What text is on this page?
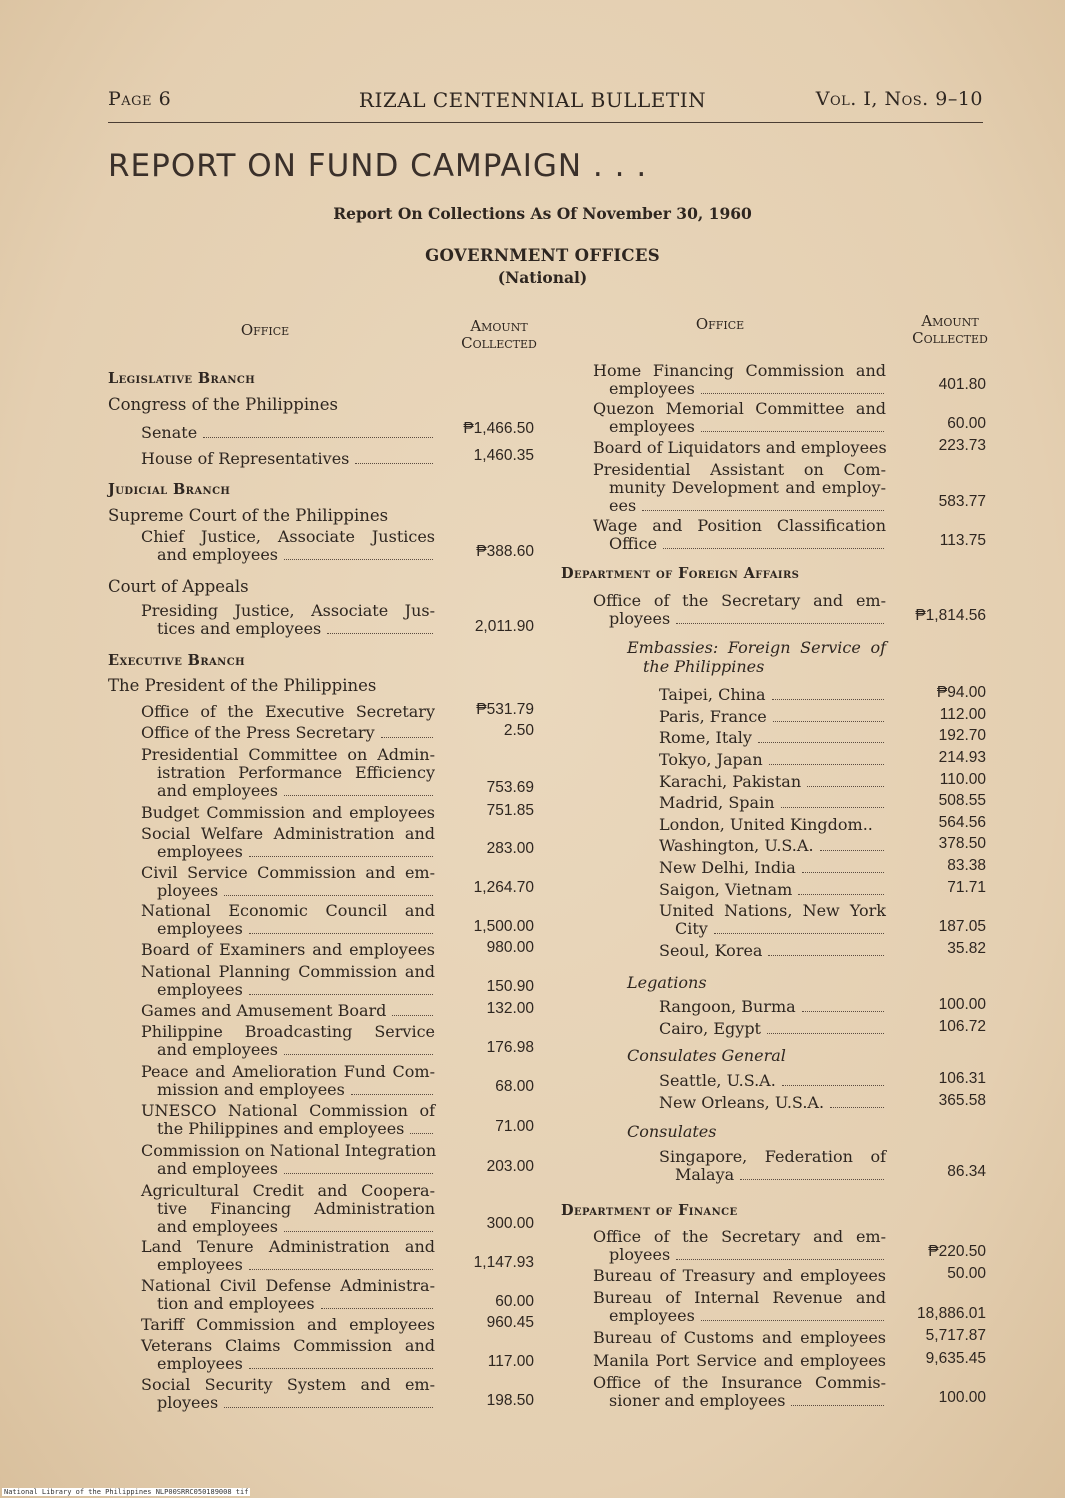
Page 6	RIZAL CENTENNIAL BULLETIN	Vol. I, Nos. 9–10
REPORT ON FUND CAMPAIGN . . .
Report On Collections As Of November 30, 1960
GOVERNMENT OFFICES
(National)
Office	Amount
Collected
Office	Amount
Collected
Legislative Branch
Congress of the Philippines
Senate	₱1,466.50
House of Representatives	1,460.35
Judicial Branch
Supreme Court of the Philippines
Chief Justice, Associate Justices
and employees	₱388.60
Court of Appeals
Presiding Justice, Associate Jus-
tices and employees	2,011.90
Executive Branch
The President of the Philippines
Office of the Executive Secretary	₱531.79
Office of the Press Secretary	2.50
Presidential Committee on Admin-
istration Performance Efficiency
and employees	753.69
Budget Commission and employees	751.85
Social Welfare Administration and
employees	283.00
Civil Service Commission and em-
ployees	1,264.70
National Economic Council and
employees	1,500.00
Board of Examiners and employees	980.00
National Planning Commission and
employees	150.90
Games and Amusement Board	132.00
Philippine Broadcasting Service
and employees	176.98
Peace and Amelioration Fund Com-
mission and employees	68.00
UNESCO National Commission of
the Philippines and employees	71.00
Commission on National Integration
and employees	203.00
Agricultural Credit and Coopera-
tive Financing Administration
and employees	300.00
Land Tenure Administration and
employees	1,147.93
National Civil Defense Administra-
tion and employees	60.00
Tariff Commission and employees	960.45
Veterans Claims Commission and
employees	117.00
Social Security System and em-
ployees	198.50
Home Financing Commission and
employees	401.80
Quezon Memorial Committee and
employees	60.00
Board of Liquidators and employees	223.73
Presidential Assistant on Com-
munity Development and employ-
ees	583.77
Wage and Position Classification
Office	113.75
Department of Foreign Affairs
Office of the Secretary and em-
ployees	₱1,814.56
Embassies: Foreign Service of
the Philippines
Taipei, China	₱94.00
Paris, France	112.00
Rome, Italy	192.70
Tokyo, Japan	214.93
Karachi, Pakistan	110.00
Madrid, Spain	508.55
London, United Kingdom..	564.56
Washington, U.S.A.	378.50
New Delhi, India	83.38
Saigon, Vietnam	71.71
United Nations, New York
City	187.05
Seoul, Korea	35.82
Legations
Rangoon, Burma	100.00
Cairo, Egypt	106.72
Consulates General
Seattle, U.S.A.	106.31
New Orleans, U.S.A.	365.58
Consulates
Singapore, Federation of
Malaya	86.34
Department of Finance
Office of the Secretary and em-
ployees	₱220.50
Bureau of Treasury and employees	50.00
Bureau of Internal Revenue and
employees	18,886.01
Bureau of Customs and employees	5,717.87
Manila Port Service and employees	9,635.45
Office of the Insurance Commis-
sioner and employees	100.00
National Library of the Philippines NLP00SRRC050189008 tif
